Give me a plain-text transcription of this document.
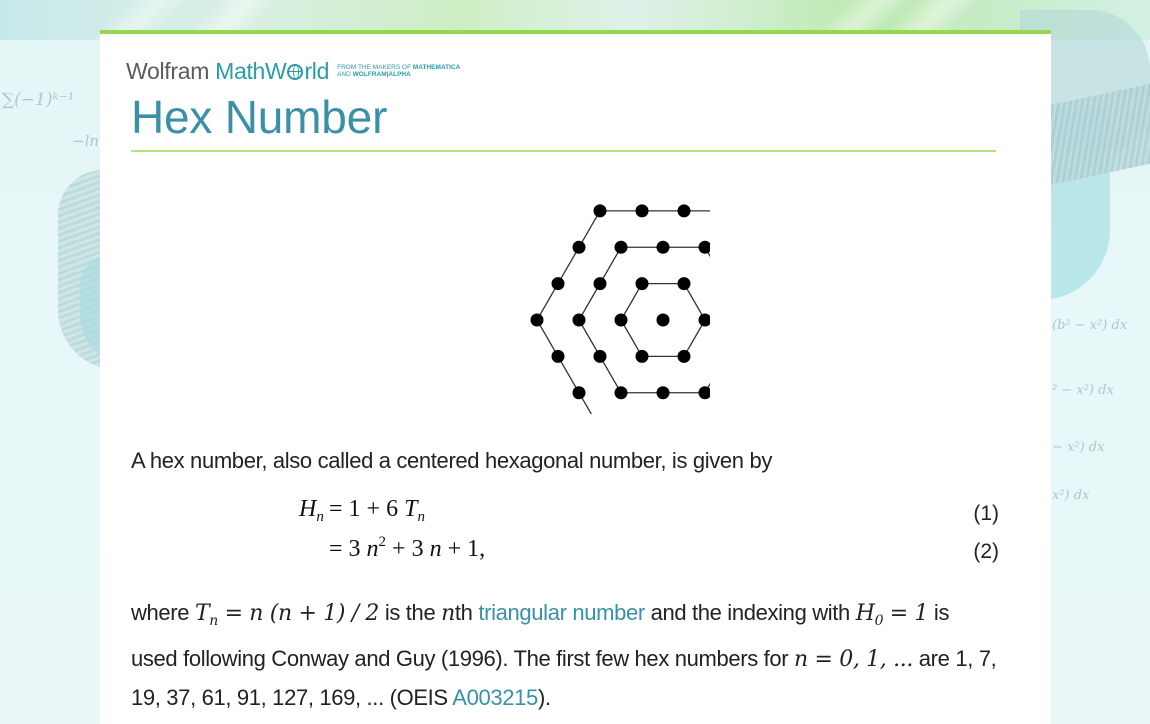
∑(−1)ᵏ⁻¹
−ln
(b² − x²) dx
² − x²) dx
− x²) dx
x²) dx
Wolfram MathW rld FROM THE MAKERS OF MATHEMATICA
AND WOLFRAM|ALPHA
Hex Number

A hex number, also called a centered hexagonal number, is given by

$H_n = 1 + 6$ $T_n$	(1)
= 3 $n^2 + 3$ n + 1,	(2)

where $T_n = n$ (n + 1) / 2 is the nth triangular number and the indexing with $H_0 = 1$ is used following Conway and Guy (1996). The first few hex numbers for n = 0, 1, ... are 1, 7, 19, 37, 61, 91, 127, 169, ... (OEIS A003215).
